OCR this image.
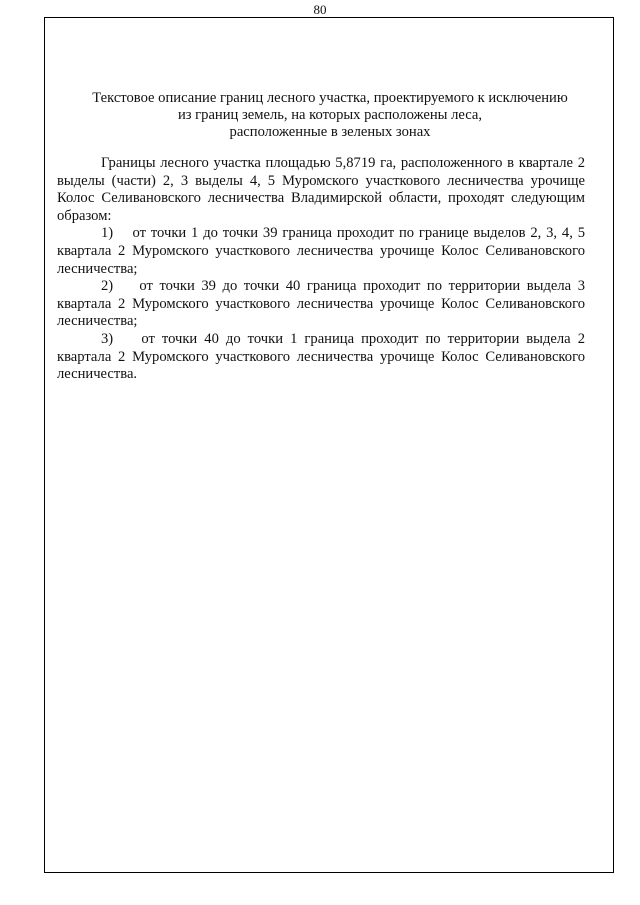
80
Текстовое описание границ лесного участка, проектируемого к исключению
из границ земель, на которых расположены леса,
расположенные в зеленых зонах

Границы лесного участка площадью 5,8719 га, расположенного в квартале 2 выделы (части) 2, 3 выделы 4, 5 Муромского участкового лесничества урочище Колос Селивановского лесничества Владимирской области, проходят следующим образом:

1) от точки 1 до точки 39 граница проходит по границе выделов 2, 3, 4, 5 квартала 2 Муромского участкового лесничества урочище Колос Селивановского лесничества;

2) от точки 39 до точки 40 граница проходит по территории выдела 3 квартала 2 Муромского участкового лесничества урочище Колос Селивановского лесничества;

3) от точки 40 до точки 1 граница проходит по территории выдела 2 квартала 2 Муромского участкового лесничества урочище Колос Селивановского лесничества.
